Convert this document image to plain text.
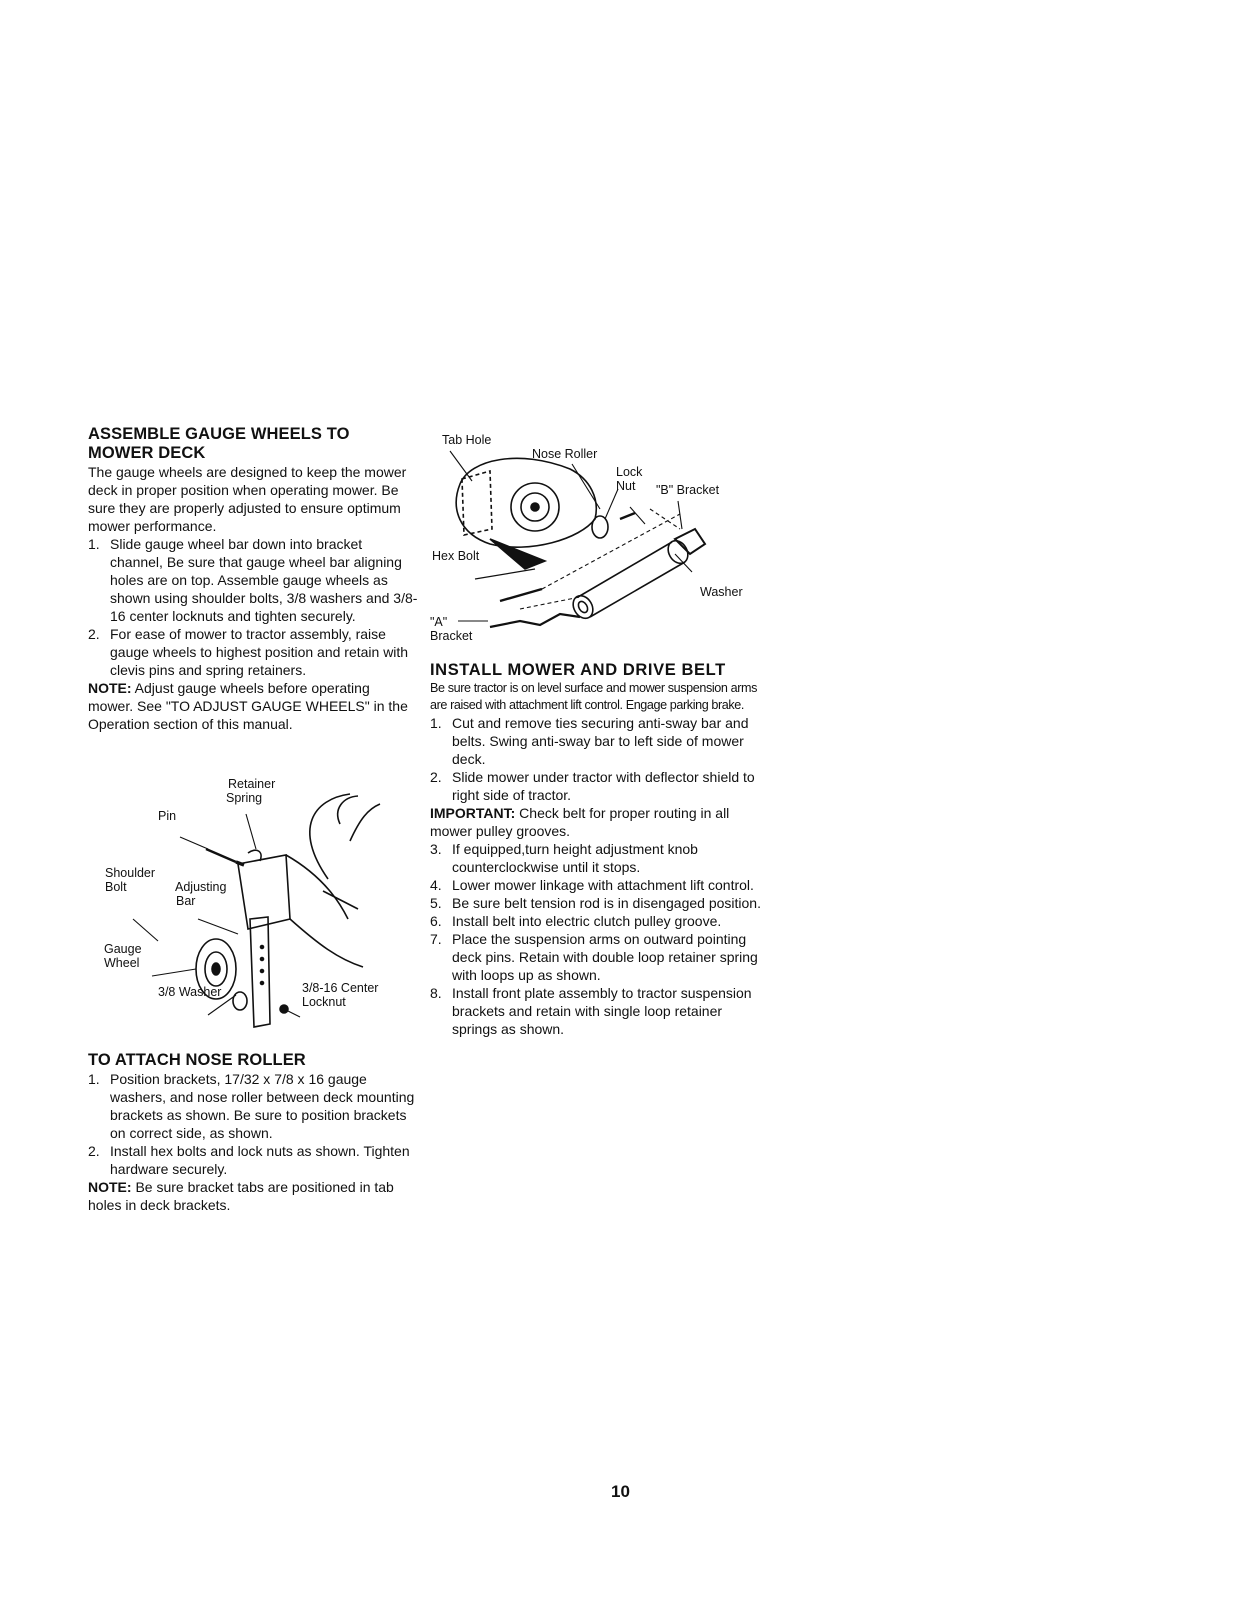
ASSEMBLE GAUGE WHEELS TO
MOWER DECK

The gauge wheels are designed to keep the mower deck in proper position when operating mower. Be sure they are properly adjusted to ensure optimum mower performance.

1. Slide gauge wheel bar down into bracket channel, Be sure that gauge wheel bar aligning holes are on top. Assemble gauge wheels as shown using shoulder bolts, 3/8 washers and 3/8-16 center locknuts and tighten securely.
2. For ease of mower to tractor assembly, raise gauge wheels to highest position and retain with clevis pins and spring retainers.

NOTE: Adjust gauge wheels before operating mower. See "TO ADJUST GAUGE WHEELS" in the Operation section of this manual.

Retainer
Spring
Pin
Shoulder
Bolt	Adjusting
Bar
Gauge
Wheel
3/8 Washer	3/8-16 Center
Locknut
TO ATTACH NOSE ROLLER
1. Position brackets, 17/32 x 7/8 x 16 gauge washers, and nose roller between deck mounting brackets as shown. Be sure to position brackets on correct side, as shown.
2. Install hex bolts and lock nuts as shown. Tighten hardware securely.

NOTE: Be sure bracket tabs are positioned in tab holes in deck brackets.

Tab Hole
Nose Roller
Lock
Nut "B" Bracket
Hex Bolt
Washer
"A"
Bracket
INSTALL MOWER AND DRIVE BELT

Be sure tractor is on level surface and mower suspension arms are raised with attachment lift control. Engage parking brake.

1. Cut and remove ties securing anti-sway bar and belts. Swing anti-sway bar to left side of mower deck.
2. Slide mower under tractor with deflector shield to right side of tractor.

IMPORTANT: Check belt for proper routing in all mower pulley grooves.

3. If equipped,turn height adjustment knob counterclockwise until it stops.
4. Lower mower linkage with attachment lift control.
5. Be sure belt tension rod is in disengaged position.
6. Install belt into electric clutch pulley groove.
7. Place the suspension arms on outward pointing deck pins. Retain with double loop retainer spring with loops up as shown.
8. Install front plate assembly to tractor suspension brackets and retain with single loop retainer springs as shown.
10
